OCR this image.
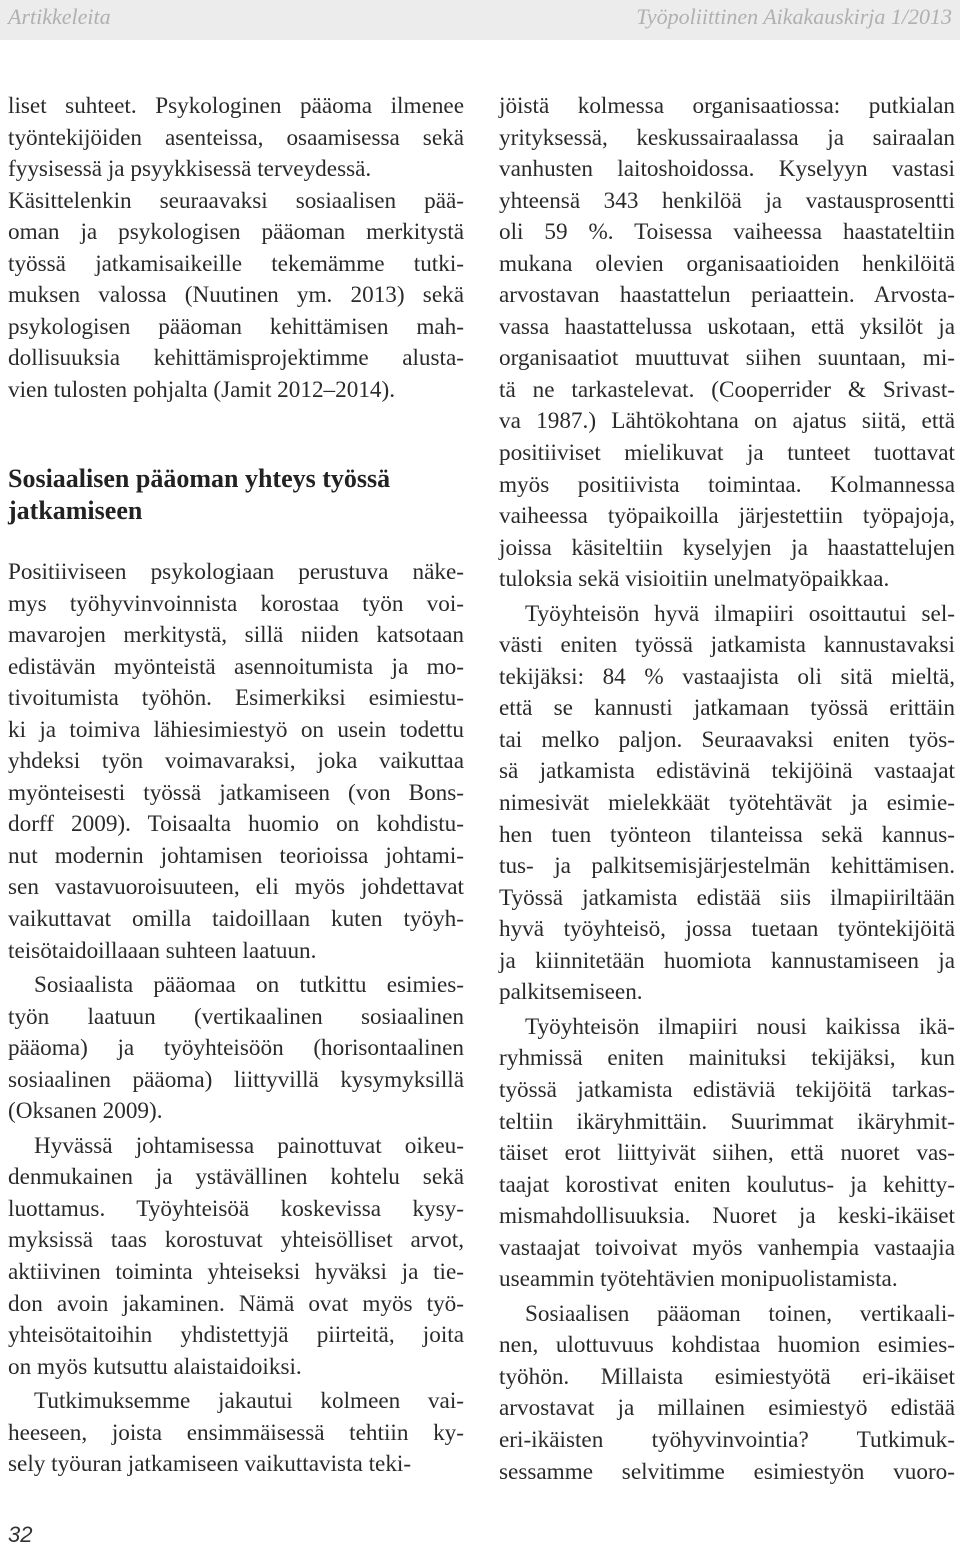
Artikkeleita	Työpoliittinen Aikakauskirja 1/2013
liset suhteet. Psykologinen pääoma ilmenee
työntekijöiden asenteissa, osaamisessa sekä
fyysisessä ja psyykkisessä terveydessä.
Käsittelenkin seuraavaksi sosiaalisen pää-
oman ja psykologisen pääoman merkitystä
työssä jatkamisaikeille tekemämme tutki-
muksen valossa (Nuutinen ym. 2013) sekä
psykologisen pääoman kehittämisen mah-
dollisuuksia kehittämisprojektimme alusta-
vien tulosten pohjalta (Jamit 2012–2014).
Sosiaalisen pääoman yhteys työssä
jatkamiseen
Positiiviseen psykologiaan perustuva näke-
mys työhyvinvoinnista korostaa työn voi-
mavarojen merkitystä, sillä niiden katsotaan
edistävän myönteistä asennoitumista ja mo-
tivoitumista työhön. Esimerkiksi esimiestu-
ki ja toimiva lähiesimiestyö on usein todettu
yhdeksi työn voimavaraksi, joka vaikuttaa
myönteisesti työssä jatkamiseen (von Bons-
dorff 2009). Toisaalta huomio on kohdistu-
nut modernin johtamisen teorioissa johtami-
sen vastavuoroisuuteen, eli myös johdettavat
vaikuttavat omilla taidoillaan kuten työyh-
teisötaidoillaaan suhteen laatuun.
Sosiaalista pääomaa on tutkittu esimies-
työn laatuun (vertikaalinen sosiaalinen
pääoma) ja työyhteisöön (horisontaalinen
sosiaalinen pääoma) liittyvillä kysymyksillä
(Oksanen 2009).
Hyvässä johtamisessa painottuvat oikeu-
denmukainen ja ystävällinen kohtelu sekä
luottamus. Työyhteisöä koskevissa kysy-
myksissä taas korostuvat yhteisölliset arvot,
aktiivinen toiminta yhteiseksi hyväksi ja tie-
don avoin jakaminen. Nämä ovat myös työ-
yhteisötaitoihin yhdistettyjä piirteitä, joita
on myös kutsuttu alaistaidoiksi.
Tutkimuksemme jakautui kolmeen vai-
heeseen, joista ensimmäisessä tehtiin ky-
sely työuran jatkamiseen vaikuttavista teki-
jöistä kolmessa organisaatiossa: putkialan
yrityksessä, keskussairaalassa ja sairaalan
vanhusten laitoshoidossa. Kyselyyn vastasi
yhteensä 343 henkilöä ja vastausprosentti
oli 59 %. Toisessa vaiheessa haastateltiin
mukana olevien organisaatioiden henkilöitä
arvostavan haastattelun periaattein. Arvosta-
vassa haastattelussa uskotaan, että yksilöt ja
organisaatiot muuttuvat siihen suuntaan, mi-
tä ne tarkastelevat. (Cooperrider & Srivast-
va 1987.) Lähtökohtana on ajatus siitä, että
positiiviset mielikuvat ja tunteet tuottavat
myös positiivista toimintaa. Kolmannessa
vaiheessa työpaikoilla järjestettiin työpajoja,
joissa käsiteltiin kyselyjen ja haastattelujen
tuloksia sekä visioitiin unelmatyöpaikkaa.
Työyhteisön hyvä ilmapiiri osoittautui sel-
västi eniten työssä jatkamista kannustavaksi
tekijäksi: 84 % vastaajista oli sitä mieltä,
että se kannusti jatkamaan työssä erittäin
tai melko paljon. Seuraavaksi eniten työs-
sä jatkamista edistävinä tekijöinä vastaajat
nimesivät mielekkäät työtehtävät ja esimie-
hen tuen työnteon tilanteissa sekä kannus-
tus- ja palkitsemisjärjestelmän kehittämisen.
Työssä jatkamista edistää siis ilmapiiriltään
hyvä työyhteisö, jossa tuetaan työntekijöitä
ja kiinnitetään huomiota kannustamiseen ja
palkitsemiseen.
Työyhteisön ilmapiiri nousi kaikissa ikä-
ryhmissä eniten mainituksi tekijäksi, kun
työssä jatkamista edistäviä tekijöitä tarkas-
teltiin ikäryhmittäin. Suurimmat ikäryhmit-
täiset erot liittyivät siihen, että nuoret vas-
taajat korostivat eniten koulutus- ja kehitty-
mismahdollisuuksia. Nuoret ja keski-ikäiset
vastaajat toivoivat myös vanhempia vastaajia
useammin työtehtävien monipuolistamista.
Sosiaalisen pääoman toinen, vertikaali-
nen, ulottuvuus kohdistaa huomion esimies-
työhön. Millaista esimiestyötä eri-ikäiset
arvostavat ja millainen esimiestyö edistää
eri-ikäisten työhyvinvointia? Tutkimuk-
sessamme selvitimme esimiestyön vuoro-
32
